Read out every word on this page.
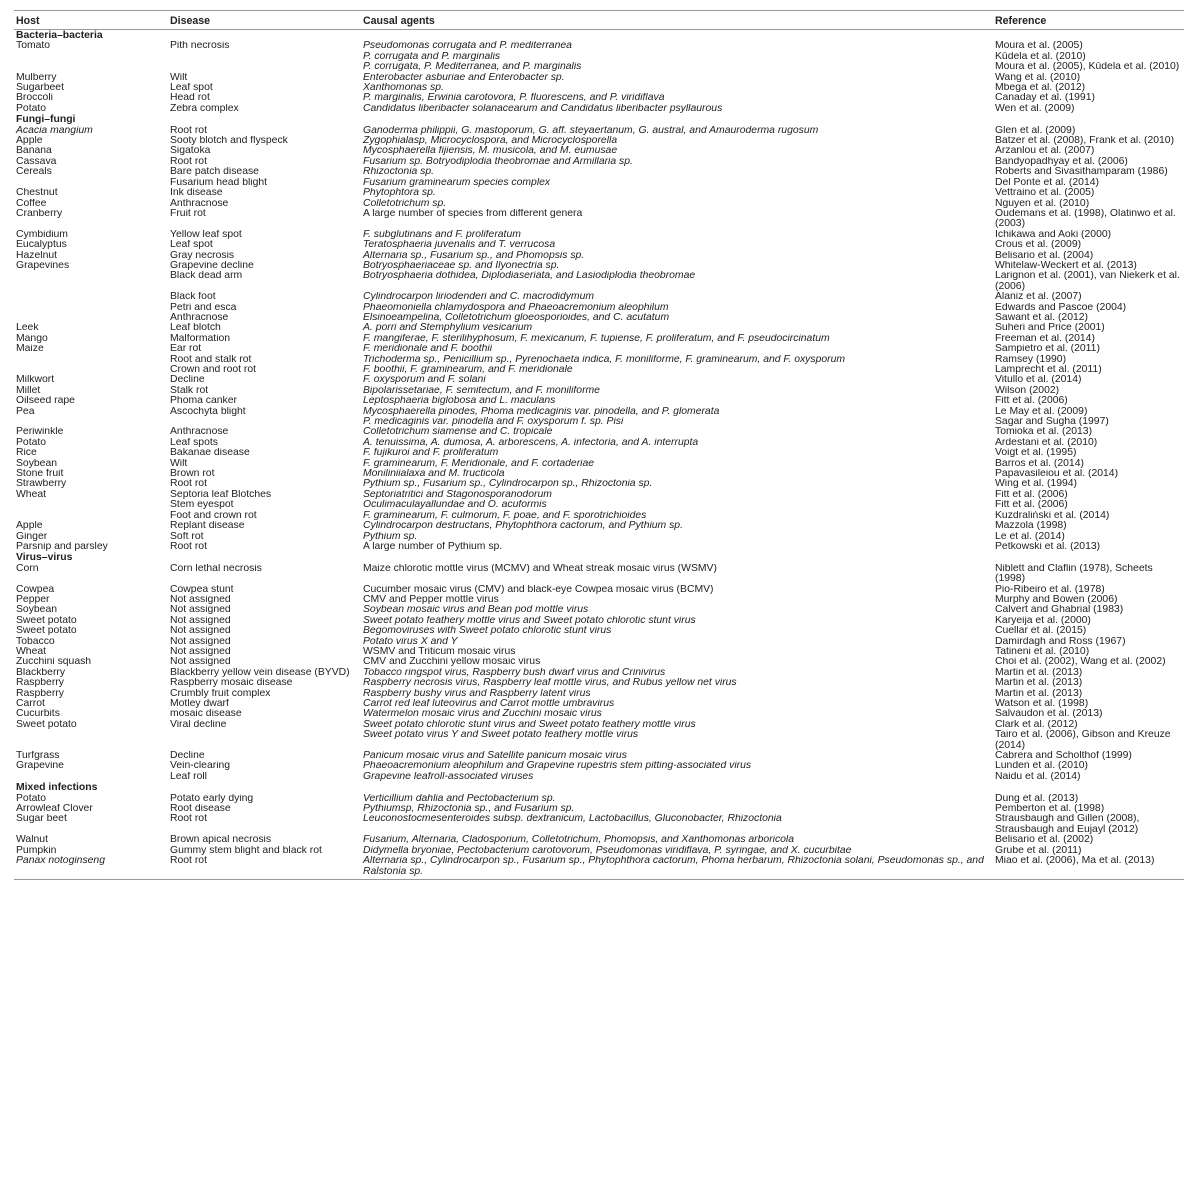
Host	Disease	Causal agents	Reference
Bacteria–bacteria			
Tomato	Pith necrosis	Pseudomonas corrugata and P. mediterranea	Moura et al. (2005)
		P. corrugata and P. marginalis	Kůdela et al. (2010)
		P. corrugata, P. Mediterranea, and P. marginalis	Moura et al. (2005), Kůdela et al. (2010)
Mulberry	Wilt	Enterobacter asburiae and Enterobacter sp.	Wang et al. (2010)
Sugarbeet	Leaf spot	Xanthomonas sp.	Mbega et al. (2012)
Broccoli	Head rot	P. marginalis, Erwinia carotovora, P. fluorescens, and P. viridiflava	Canaday et al. (1991)
Potato	Zebra complex	Candidatus liberibacter solanacearum and Candidatus liberibacter psyllaurous	Wen et al. (2009)
Fungi–fungi			
Acacia mangium	Root rot	Ganoderma philippii, G. mastoporum, G. aff. steyaertanum, G. austral, and Amauroderma rugosum	Glen et al. (2009)
Apple	Sooty blotch and flyspeck	Zygophialasp, Microcyclospora, and Microcyclosporella	Batzer et al. (2008), Frank et al. (2010)
Banana	Sigatoka	Mycosphaerella fijiensis, M. musicola, and M. eumusae	Arzanlou et al. (2007)
Cassava	Root rot	Fusarium sp. Botryodiplodia theobromae and Armillaria sp.	Bandyopadhyay et al. (2006)
Cereals	Bare patch disease	Rhizoctonia sp.	Roberts and Sivasithamparam (1986)
	Fusarium head blight	Fusarium graminearum species complex	Del Ponte et al. (2014)
Chestnut	Ink disease	Phytophtora sp.	Vettraino et al. (2005)
Coffee	Anthracnose	Colletotrichum sp.	Nguyen et al. (2010)
Cranberry	Fruit rot	A large number of species from different genera	Oudemans et al. (1998), Olatinwo et al. (2003)
Cymbidium	Yellow leaf spot	F. subglutinans and F. proliferatum	Ichikawa and Aoki (2000)
Eucalyptus	Leaf spot	Teratosphaeria juvenalis and T. verrucosa	Crous et al. (2009)
Hazelnut	Gray necrosis	Alternaria sp., Fusarium sp., and Phomopsis sp.	Belisario et al. (2004)
Grapevines	Grapevine decline	Botryosphaeriaceae sp. and Ilyonectria sp.	Whitelaw-Weckert et al. (2013)
	Black dead arm	Botryosphaeria dothidea, Diplodiaseriata, and Lasiodiplodia theobromae	Larignon et al. (2001), van Niekerk et al. (2006)
	Black foot	Cylindrocarpon liriodenderi and C. macrodidymum	Alaniz et al. (2007)
	Petri and esca	Phaeomoniella chlamydospora and Phaeoacremonium aleophilum	Edwards and Pascoe (2004)
	Anthracnose	Elsinoeampelina, Colletotrichum gloeosporioides, and C. acutatum	Sawant et al. (2012)
Leek	Leaf blotch	A. porri and Stemphylium vesicarium	Suheri and Price (2001)
Mango	Malformation	F. mangiferae, F. sterilihyphosum, F. mexicanum, F. tupiense, F. proliferatum, and F. pseudocircinatum	Freeman et al. (2014)
Maize	Ear rot	F. meridionale and F. boothii	Sampietro et al. (2011)
	Root and stalk rot	Trichoderma sp., Penicillium sp., Pyrenochaeta indica, F. moniliforme, F. graminearum, and F. oxysporum	Ramsey (1990)
	Crown and root rot	F. boothii, F. graminearum, and F. meridionale	Lamprecht et al. (2011)
Milkwort	Decline	F. oxysporum and F. solani	Vitullo et al. (2014)
Millet	Stalk rot	Bipolarissetariae, F. semitectum, and F. moniliforme	Wilson (2002)
Oilseed rape	Phoma canker	Leptosphaeria biglobosa and L. maculans	Fitt et al. (2006)
Pea	Ascochyta blight	Mycosphaerella pinodes, Phoma medicaginis var. pinodella, and P. glomerata	Le May et al. (2009)
		P. medicaginis var. pinodella and F. oxysporum f. sp. Pisi	Sagar and Sugha (1997)
Periwinkle	Anthracnose	Colletotrichum siamense and C. tropicale	Tomioka et al. (2013)
Potato	Leaf spots	A. tenuissima, A. dumosa, A. arborescens, A. infectoria, and A. interrupta	Ardestani et al. (2010)
Rice	Bakanae disease	F. fujikuroi and F. proliferatum	Voigt et al. (1995)
Soybean	Wilt	F. graminearum, F. Meridionale, and F. cortaderiae	Barros et al. (2014)
Stone fruit	Brown rot	Moniliniialaxa and M. fructicola	Papavasileiou et al. (2014)
Strawberry	Root rot	Pythium sp., Fusarium sp., Cylindrocarpon sp., Rhizoctonia sp.	Wing et al. (1994)
Wheat	Septoria leaf Blotches	Septoriatritici and Stagonosporanodorum	Fitt et al. (2006)
	Stem eyespot	Oculimaculayallundae and O. acuformis	Fitt et al. (2006)
	Foot and crown rot	F. graminearum, F. culmorum, F. poae, and F. sporotrichioides	Kuzdraliński et al. (2014)
Apple	Replant disease	Cylindrocarpon destructans, Phytophthora cactorum, and Pythium sp.	Mazzola (1998)
Ginger	Soft rot	Pythium sp.	Le et al. (2014)
Parsnip and parsley	Root rot	A large number of Pythium sp.	Petkowski et al. (2013)
Virus–virus			
Corn	Corn lethal necrosis	Maize chlorotic mottle virus (MCMV) and Wheat streak mosaic virus (WSMV)	Niblett and Claflin (1978), Scheets (1998)
Cowpea	Cowpea stunt	Cucumber mosaic virus (CMV) and black-eye Cowpea mosaic virus (BCMV)	Pio-Ribeiro et al. (1978)
Pepper	Not assigned	CMV and Pepper mottle virus	Murphy and Bowen (2006)
Soybean	Not assigned	Soybean mosaic virus and Bean pod mottle virus	Calvert and Ghabrial (1983)
Sweet potato	Not assigned	Sweet potato feathery mottle virus and Sweet potato chlorotic stunt virus	Karyeija et al. (2000)
Sweet potato	Not assigned	Begomoviruses with Sweet potato chlorotic stunt virus	Cuellar et al. (2015)
Tobacco	Not assigned	Potato virus X and Y	Damirdagh and Ross (1967)
Wheat	Not assigned	WSMV and Triticum mosaic virus	Tatineni et al. (2010)
Zucchini squash	Not assigned	CMV and Zucchini yellow mosaic virus	Choi et al. (2002), Wang et al. (2002)
Blackberry	Blackberry yellow vein disease (BYVD)	Tobacco ringspot virus, Raspberry bush dwarf virus and Crinivirus	Martin et al. (2013)
Raspberry	Raspberry mosaic disease	Raspberry necrosis virus, Raspberry leaf mottle virus, and Rubus yellow net virus	Martin et al. (2013)
Raspberry	Crumbly fruit complex	Raspberry bushy virus and Raspberry latent virus	Martin et al. (2013)
Carrot	Motley dwarf	Carrot red leaf luteovirus and Carrot mottle umbravirus	Watson et al. (1998)
Cucurbits	mosaic disease	Watermelon mosaic virus and Zucchini mosaic virus	Salvaudon et al. (2013)
Sweet potato	Viral decline	Sweet potato chlorotic stunt virus and Sweet potato feathery mottle virus	Clark et al. (2012)
		Sweet potato virus Y and Sweet potato feathery mottle virus	Tairo et al. (2006), Gibson and Kreuze (2014)
Turfgrass	Decline	Panicum mosaic virus and Satellite panicum mosaic virus	Cabrera and Scholthof (1999)
Grapevine	Vein-clearing	Phaeoacremonium aleophilum and Grapevine rupestris stem pitting-associated virus	Lunden et al. (2010)
	Leaf roll	Grapevine leafroll-associated viruses	Naidu et al. (2014)
Mixed infections			
Potato	Potato early dying	Verticillium dahlia and Pectobacterium sp.	Dung et al. (2013)
Arrowleaf Clover	Root disease	Pythiumsp, Rhizoctonia sp., and Fusarium sp.	Pemberton et al. (1998)
Sugar beet	Root rot	Leuconostocmesenteroides subsp. dextranicum, Lactobacillus, Gluconobacter, Rhizoctonia	Strausbaugh and Gillen (2008), Strausbaugh and Eujayl (2012)
Walnut	Brown apical necrosis	Fusarium, Alternaria, Cladosporium, Colletotrichum, Phomopsis, and Xanthomonas arboricola	Belisario et al. (2002)
Pumpkin	Gummy stem blight and black rot	Didymella bryoniae, Pectobacterium carotovorum, Pseudomonas viridiflava, P. syringae, and X. cucurbitae	Grube et al. (2011)
Panax notoginseng	Root rot	Alternaria sp., Cylindrocarpon sp., Fusarium sp., Phytophthora cactorum, Phoma herbarum, Rhizoctonia solani, Pseudomonas sp., and Ralstonia sp.	Miao et al. (2006), Ma et al. (2013)
